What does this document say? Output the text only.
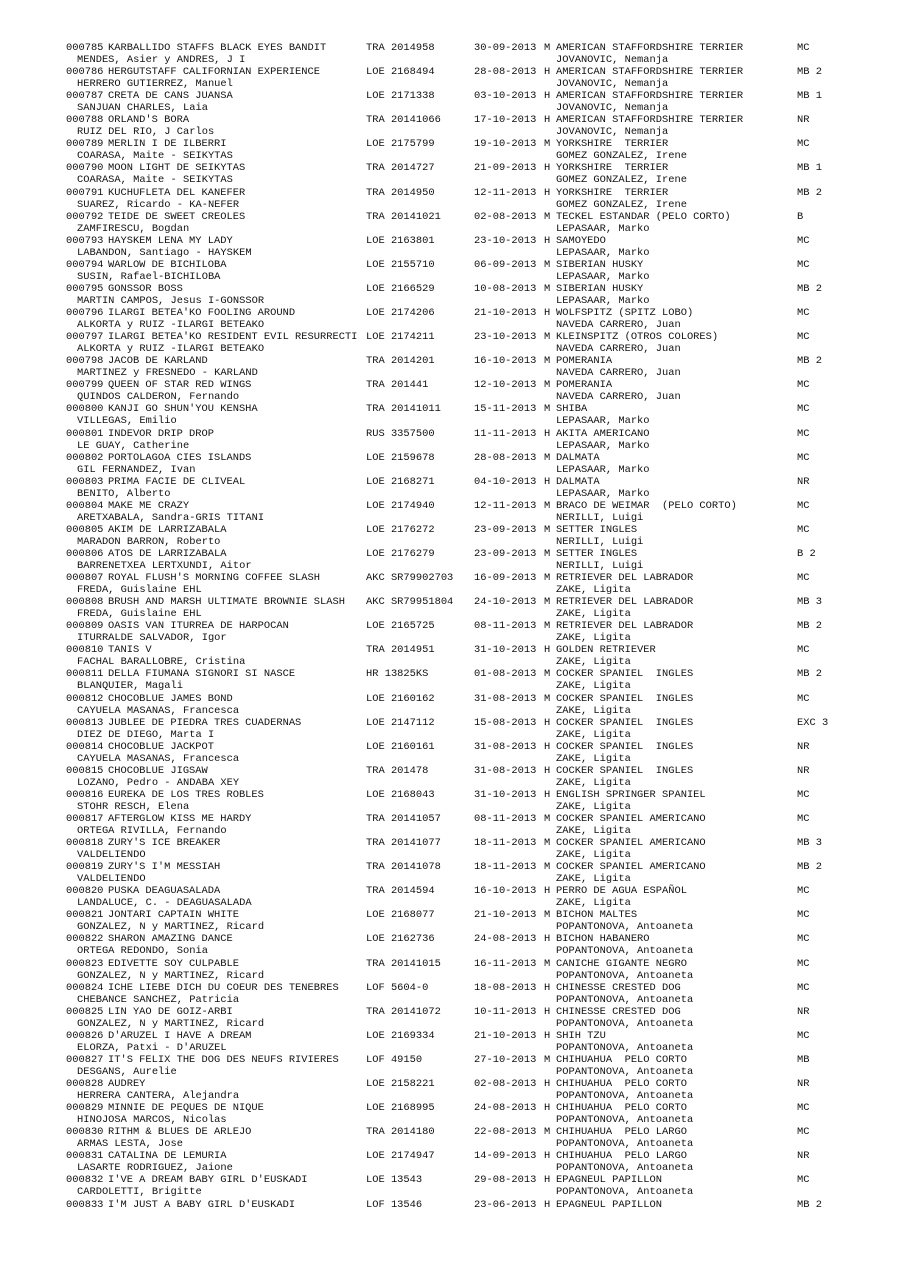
000785 KARBALLIDO STAFFS BLACK EYES BANDIT	TRA 2014958	30-09-2013 M AMERICAN STAFFORDSHIRE TERRIER	MC
MENDES, Asier y ANDRES, J I	JOVANOVIC, Nemanja
000786 HERGUTSTAFF CALIFORNIAN EXPERIENCE	LOE 2168494	28-08-2013 H AMERICAN STAFFORDSHIRE TERRIER	MB 2
HERRERO GUTIERREZ, Manuel	JOVANOVIC, Nemanja
000787 CRETA DE CANS JUANSA	LOE 2171338	03-10-2013 H AMERICAN STAFFORDSHIRE TERRIER	MB 1
SANJUAN CHARLES, Laia	JOVANOVIC, Nemanja
000788 ORLAND'S BORA	TRA 20141066	17-10-2013 H AMERICAN STAFFORDSHIRE TERRIER	NR
RUIZ DEL RIO, J Carlos	JOVANOVIC, Nemanja
000789 MERLIN I DE ILBERRI	LOE 2175799	19-10-2013 M YORKSHIRE  TERRIER	MC
COARASA, Maite - SEIKYTAS	GOMEZ GONZALEZ, Irene
000790 MOON LIGHT DE SEIKYTAS	TRA 2014727	21-09-2013 H YORKSHIRE  TERRIER	MB 1
COARASA, Maite - SEIKYTAS	GOMEZ GONZALEZ, Irene
000791 KUCHUFLETA DEL KANEFER	TRA 2014950	12-11-2013 H YORKSHIRE  TERRIER	MB 2
SUAREZ, Ricardo - KA-NEFER	GOMEZ GONZALEZ, Irene
000792 TEIDE DE SWEET CREOLES	TRA 20141021	02-08-2013 M TECKEL ESTANDAR (PELO CORTO)	B
ZAMFIRESCU, Bogdan	LEPASAAR, Marko
000793 HAYSKEM LENA MY LADY	LOE 2163801	23-10-2013 H SAMOYEDO	MC
LABANDON, Santiago - HAYSKEM	LEPASAAR, Marko
000794 WARLOW DE BICHILOBA	LOE 2155710	06-09-2013 M SIBERIAN HUSKY	MC
SUSIN, Rafael-BICHILOBA	LEPASAAR, Marko
000795 GONSSOR BOSS	LOE 2166529	10-08-2013 M SIBERIAN HUSKY	MB 2
MARTIN CAMPOS, Jesus I-GONSSOR	LEPASAAR, Marko
000796 ILARGI BETEA'KO FOOLING AROUND	LOE 2174206	21-10-2013 H WOLFSPITZ (SPITZ LOBO)	MC
ALKORTA y RUIZ -ILARGI BETEAKO	NAVEDA CARRERO, Juan
000797 ILARGI BETEA'KO RESIDENT EVIL RESURRECTI LOE 2174211	23-10-2013 M KLEINSPITZ (OTROS COLORES)	MC
ALKORTA y RUIZ -ILARGI BETEAKO	NAVEDA CARRERO, Juan
000798 JACOB DE KARLAND	TRA 2014201	16-10-2013 M POMERANIA	MB 2
MARTINEZ y FRESNEDO - KARLAND	NAVEDA CARRERO, Juan
000799 QUEEN OF STAR RED WINGS	TRA 201441	12-10-2013 M POMERANIA	MC
QUINDOS CALDERON, Fernando	NAVEDA CARRERO, Juan
000800 KANJI GO SHUN'YOU KENSHA	TRA 20141011	15-11-2013 M SHIBA	MC
VILLEGAS, Emilio	LEPASAAR, Marko
000801 INDEVOR DRIP DROP	RUS 3357500	11-11-2013 H AKITA AMERICANO	MC
LE GUAY, Catherine	LEPASAAR, Marko
000802 PORTOLAGOA CIES ISLANDS	LOE 2159678	28-08-2013 M DALMATA	MC
GIL FERNANDEZ, Ivan	LEPASAAR, Marko
000803 PRIMA FACIE DE CLIVEAL	LOE 2168271	04-10-2013 H DALMATA	NR
BENITO, Alberto	LEPASAAR, Marko
000804 MAKE ME CRAZY	LOE 2174940	12-11-2013 M BRACO DE WEIMAR  (PELO CORTO)	MC
ARETXABALA, Sandra-GRIS TITANI	NERILLI, Luigi
000805 AKIM DE LARRIZABALA	LOE 2176272	23-09-2013 M SETTER INGLES	MC
MARADON BARRON, Roberto	NERILLI, Luigi
000806 ATOS DE LARRIZABALA	LOE 2176279	23-09-2013 M SETTER INGLES	B 2
BARRENETXEA LERTXUNDI, Aitor	NERILLI, Luigi
000807 ROYAL FLUSH'S MORNING COFFEE SLASH	AKC SR79902703 16-09-2013 M RETRIEVER DEL LABRADOR	MC
FREDA, Guislaine EHL	ZAKE, Ligita
000808 BRUSH AND MARSH ULTIMATE BROWNIE SLASH AKC SR79951804 24-10-2013 M RETRIEVER DEL LABRADOR	MB 3
FREDA, Guislaine EHL	ZAKE, Ligita
000809 OASIS VAN ITURREA DE HARPOCAN	LOE 2165725	08-11-2013 M RETRIEVER DEL LABRADOR	MB 2
ITURRALDE SALVADOR, Igor	ZAKE, Ligita
000810 TANIS V	TRA 2014951	31-10-2013 H GOLDEN RETRIEVER	MC
FACHAL BARALLOBRE, Cristina	ZAKE, Ligita
000811 DELLA FIUMANA SIGNORI SI NASCE	HR 13825KS	01-08-2013 M COCKER SPANIEL  INGLES	MB 2
BLANQUIER, Magali	ZAKE, Ligita
000812 CHOCOBLUE JAMES BOND	LOE 2160162	31-08-2013 M COCKER SPANIEL  INGLES	MC
CAYUELA MASANAS, Francesca	ZAKE, Ligita
000813 JUBLEE DE PIEDRA TRES CUADERNAS	LOE 2147112	15-08-2013 H COCKER SPANIEL  INGLES	EXC 3
DIEZ DE DIEGO, Marta I	ZAKE, Ligita
000814 CHOCOBLUE JACKPOT	LOE 2160161	31-08-2013 H COCKER SPANIEL  INGLES	NR
CAYUELA MASANAS, Francesca	ZAKE, Ligita
000815 CHOCOBLUE JIGSAW	TRA 201478	31-08-2013 H COCKER SPANIEL  INGLES	NR
LOZANO, Pedro - ANDABA XEY	ZAKE, Ligita
000816 EUREKA DE LOS TRES ROBLES	LOE 2168043	31-10-2013 H ENGLISH SPRINGER SPANIEL	MC
STOHR RESCH, Elena	ZAKE, Ligita
000817 AFTERGLOW KISS ME HARDY	TRA 20141057	08-11-2013 M COCKER SPANIEL AMERICANO	MC
ORTEGA RIVILLA, Fernando	ZAKE, Ligita
000818 ZURY'S ICE BREAKER	TRA 20141077	18-11-2013 M COCKER SPANIEL AMERICANO	MB 3
VALDELIENDO	ZAKE, Ligita
000819 ZURY'S I'M MESSIAH	TRA 20141078	18-11-2013 M COCKER SPANIEL AMERICANO	MB 2
VALDELIENDO	ZAKE, Ligita
000820 PUSKA DEAGUASALADA	TRA 2014594	16-10-2013 H PERRO DE AGUA ESPAÑOL	MC
LANDALUCE, C. - DEAGUASALADA	ZAKE, Ligita
000821 JONTARI CAPTAIN WHITE	LOE 2168077	21-10-2013 M BICHON MALTES	MC
GONZALEZ, N y MARTINEZ, Ricard	POPANTONOVA, Antoaneta
000822 SHARON AMAZING DANCE	LOE 2162736	24-08-2013 H BICHON HABANERO	MC
ORTEGA REDONDO, Sonia	POPANTONOVA, Antoaneta
000823 EDIVETTE SOY CULPABLE	TRA 20141015	16-11-2013 M CANICHE GIGANTE NEGRO	MC
GONZALEZ, N y MARTINEZ, Ricard	POPANTONOVA, Antoaneta
000824 ICHE LIEBE DICH DU COEUR DES TENEBRES	LOF 5604-0	18-08-2013 H CHINESSE CRESTED DOG	MC
CHEBANCE SANCHEZ, Patricia	POPANTONOVA, Antoaneta
000825 LIN YAO DE GOIZ-ARBI	TRA 20141072	10-11-2013 H CHINESSE CRESTED DOG	NR
GONZALEZ, N y MARTINEZ, Ricard	POPANTONOVA, Antoaneta
000826 D'ARUZEL I HAVE A DREAM	LOE 2169334	21-10-2013 H SHIH TZU	MC
ELORZA, Patxi - D'ARUZEL	POPANTONOVA, Antoaneta
000827 IT'S FELIX THE DOG DES NEUFS RIVIERES	LOF 49150	27-10-2013 M CHIHUAHUA  PELO CORTO	MB
DESGANS, Aurelie	POPANTONOVA, Antoaneta
000828 AUDREY	LOE 2158221	02-08-2013 H CHIHUAHUA  PELO CORTO	NR
HERRERA CANTERA, Alejandra	POPANTONOVA, Antoaneta
000829 MINNIE DE PEQUES DE NIQUE	LOE 2168995	24-08-2013 H CHIHUAHUA  PELO CORTO	MC
HINOJOSA MARCOS, Nicolas	POPANTONOVA, Antoaneta
000830 RITHM & BLUES DE ARLEJO	TRA 2014180	22-08-2013 M CHIHUAHUA  PELO LARGO	MC
ARMAS LESTA, Jose	POPANTONOVA, Antoaneta
000831 CATALINA DE LEMURIA	LOE 2174947	14-09-2013 H CHIHUAHUA  PELO LARGO	NR
LASARTE RODRIGUEZ, Jaione	POPANTONOVA, Antoaneta
000832 I'VE A DREAM BABY GIRL D'EUSKADI	LOE 13543	29-08-2013 H EPAGNEUL PAPILLON	MC
CARDOLETTI, Brigitte	POPANTONOVA, Antoaneta
000833 I'M JUST A BABY GIRL D'EUSKADI	LOF 13546	23-06-2013 H EPAGNEUL PAPILLON	MB 2
